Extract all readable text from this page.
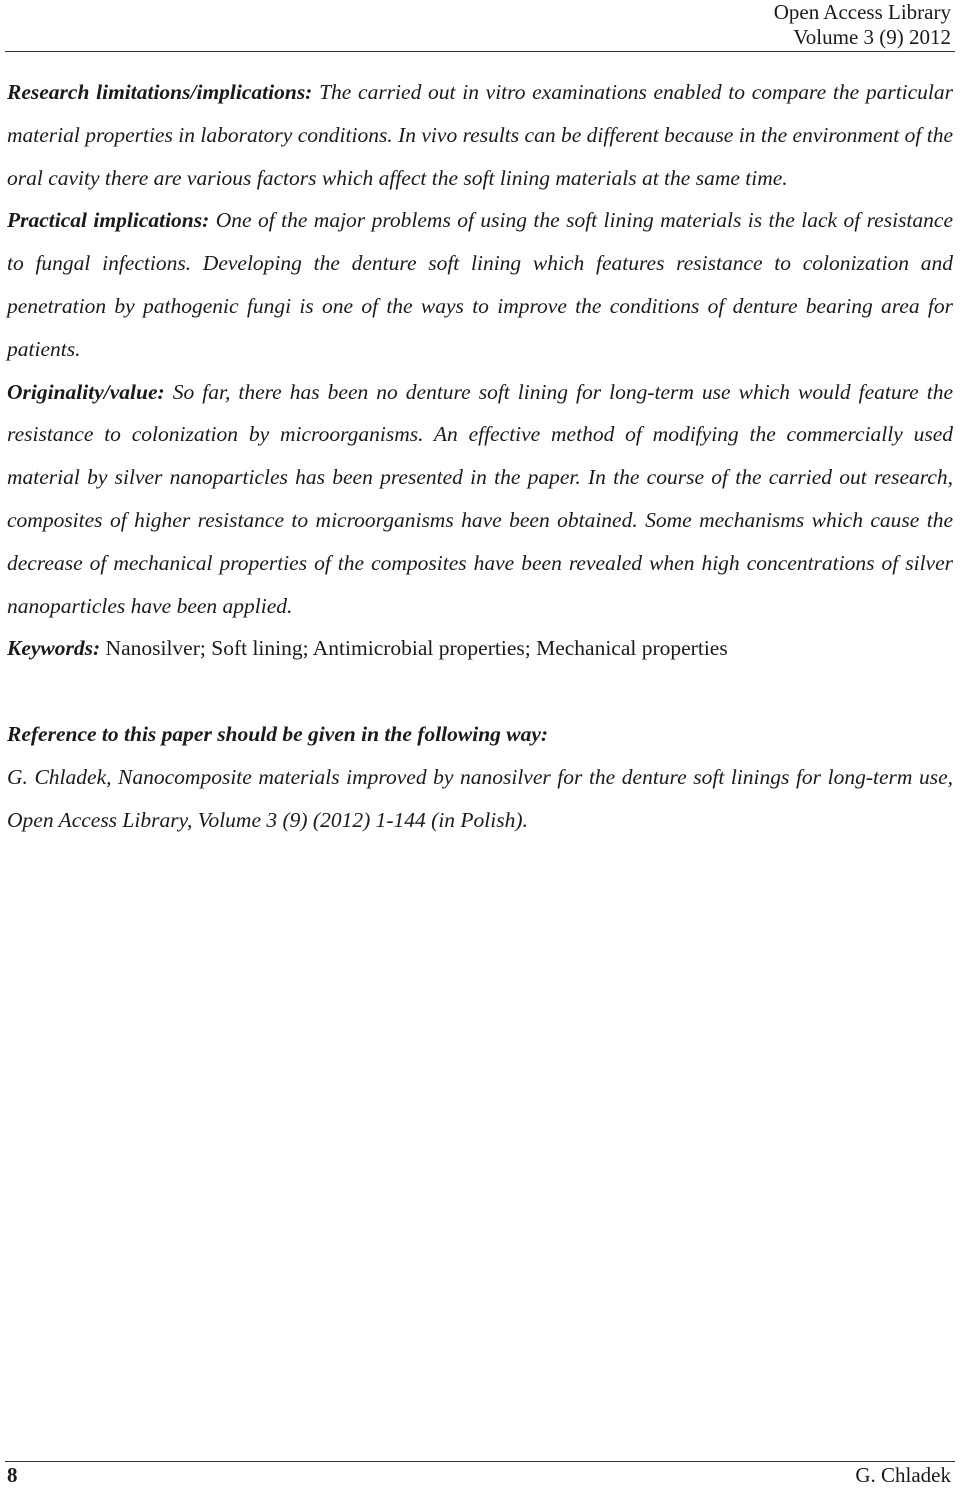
Open Access Library
Volume 3 (9) 2012

Research limitations/implications: The carried out in vitro examinations enabled to compare the particular material properties in laboratory conditions. In vivo results can be different because in the environment of the oral cavity there are various factors which affect the soft lining materials at the same time.

Practical implications: One of the major problems of using the soft lining materials is the lack of resistance to fungal infections. Developing the denture soft lining which features resistance to colonization and penetration by pathogenic fungi is one of the ways to improve the conditions of denture bearing area for patients.

Originality/value: So far, there has been no denture soft lining for long-term use which would feature the resistance to colonization by microorganisms. An effective method of modifying the commercially used material by silver nanoparticles has been presented in the paper. In the course of the carried out research, composites of higher resistance to microorganisms have been obtained. Some mechanisms which cause the decrease of mechanical properties of the composites have been revealed when high concentrations of silver nanoparticles have been applied.

Keywords: Nanosilver; Soft lining; Antimicrobial properties; Mechanical properties

Reference to this paper should be given in the following way:

G. Chladek, Nanocomposite materials improved by nanosilver for the denture soft linings for long-term use, Open Access Library, Volume 3 (9) (2012) 1-144 (in Polish).

8	G. Chladek
